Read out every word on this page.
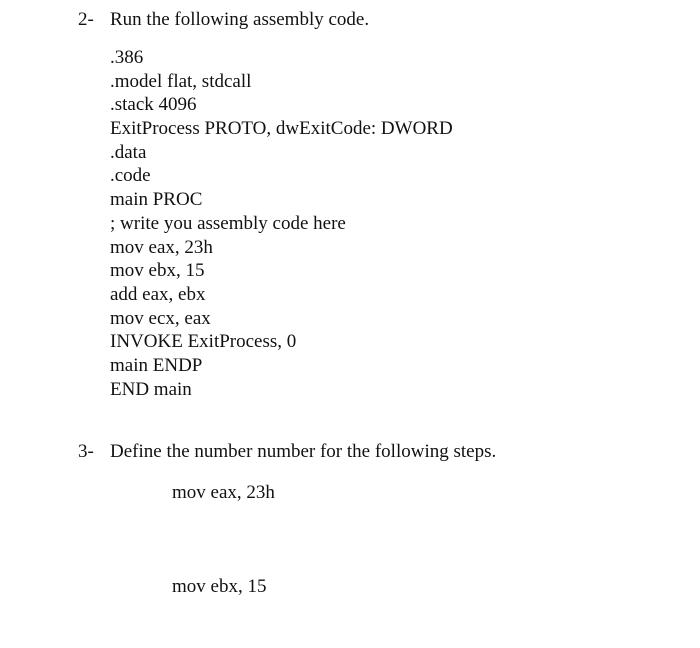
2- Run the following assembly code.
.386
.model flat, stdcall
.stack 4096
ExitProcess PROTO, dwExitCode: DWORD
.data
.code
main PROC
; write you assembly code here
mov eax, 23h
mov ebx, 15
add eax, ebx
mov ecx, eax
INVOKE ExitProcess, 0
main ENDP
END main
3- Define the number number for the following steps.
mov eax, 23h
mov ebx, 15
